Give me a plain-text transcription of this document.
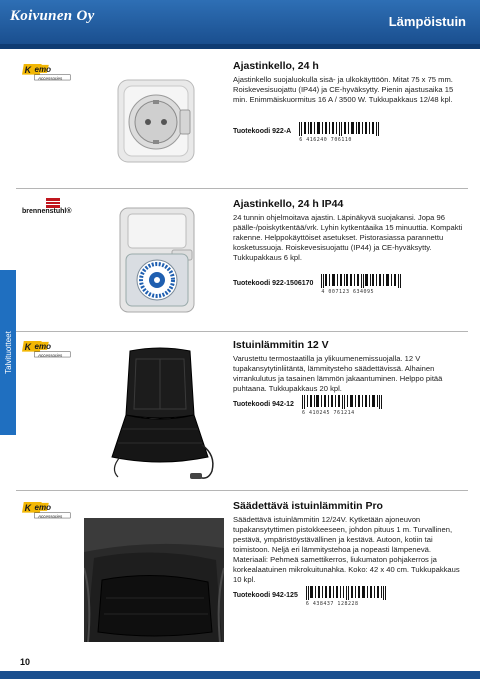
Koivunen Oy	Lämpöistuin
Talvituotteet
K emo
Accessories
Ajastinkello, 24 h
Ajastinkello suojaluokulla sisä- ja ulkokäyttöön. Mitat 75 x 75 mm. Roiskevesisuojattu (IP44) ja CE-hyväksytty. Pienin ajastusaika 15 min. Enimmäiskuormitus 16 A / 3500 W. Tukkupakkaus 12/48 kpl.
Tuotekoodi 922-A
6 416240 706110
brennenstuhl®
Ajastinkello, 24 h IP44
24 tunnin ohjelmoitava ajastin. Läpinäkyvä suojakansi. Jopa 96 päälle-/poiskytkentää/vrk. Lyhin kytkentäaika 15 minuuttia. Kompakti rakenne. Helppokäyttöiset asetukset. Pistorasiassa parannettu kosketussuoja. Roiskevesisuojattu (IP44) ja CE-hyväksytty. Tukkupakkaus 6 kpl.
Tuotekoodi 922-1506170
4 007123 634095
K emo
Accessories
Istuinlämmitin 12 V
Varustettu termostaatilla ja ylikuumenemissuojalla. 12 V tupakansytytinliitäntä, lämmitysteho säädettävissä. Alhainen virrankulutus ja tasainen lämmön jakaantuminen. Helppo pitää puhtaana. Tukkupakkaus 20 kpl.
Tuotekoodi 942-12
6 410245 761214
K emo
Accessories
Säädettävä istuinlämmitin Pro
Säädettävä istuinlämmitin 12/24V. Kytketään ajoneuvon tupakansytyttimen pistokkeeseen, johdon pituus 1 m. Turvallinen, pestävä, ympäristöystävällinen ja kestävä. Autoon, kotiin tai toimistoon. Neljä eri lämmitystehoa ja nopeasti lämpenevä. Materiaali: Pehmeä samettikerros, liukumaton pohjakerros ja korkealaatuinen mikrokuitunahka. Koko: 42 x 40 cm. Tukkupakkaus 10 kpl.
Tuotekoodi 942-125
6 438437 128228
10
